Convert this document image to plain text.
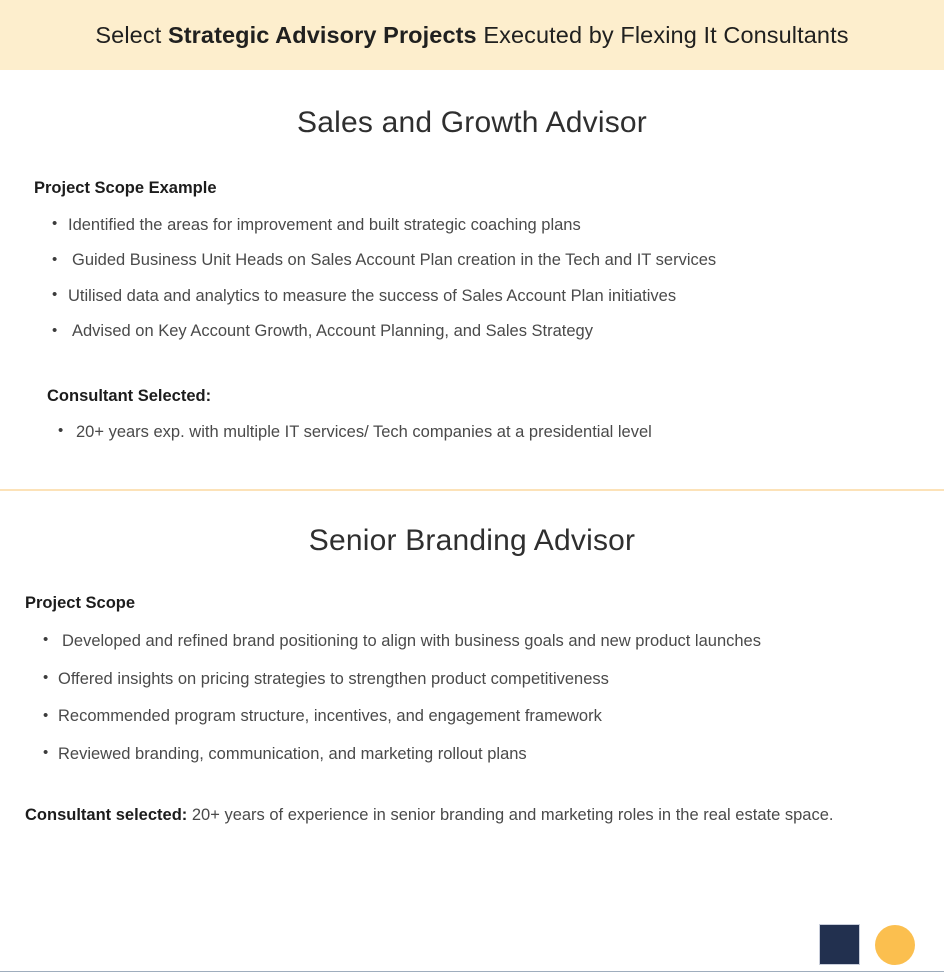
Select Strategic Advisory Projects Executed by Flexing It Consultants
Sales and Growth Advisor
Project Scope Example
• Identified the areas for improvement and built strategic coaching plans
• Guided Business Unit Heads on Sales Account Plan creation in the Tech and IT services
• Utilised data and analytics to measure the success of Sales Account Plan initiatives
• Advised on Key Account Growth, Account Planning, and Sales Strategy
Consultant Selected:
• 20+ years exp. with multiple IT services/ Tech companies at a presidential level
Senior Branding Advisor
Project Scope
• Developed and refined brand positioning to align with business goals and new product launches
• Offered insights on pricing strategies to strengthen product competitiveness
• Recommended program structure, incentives, and engagement framework
• Reviewed branding, communication, and marketing rollout plans

Consultant selected: 20+ years of experience in senior branding and marketing roles in the real estate space.
